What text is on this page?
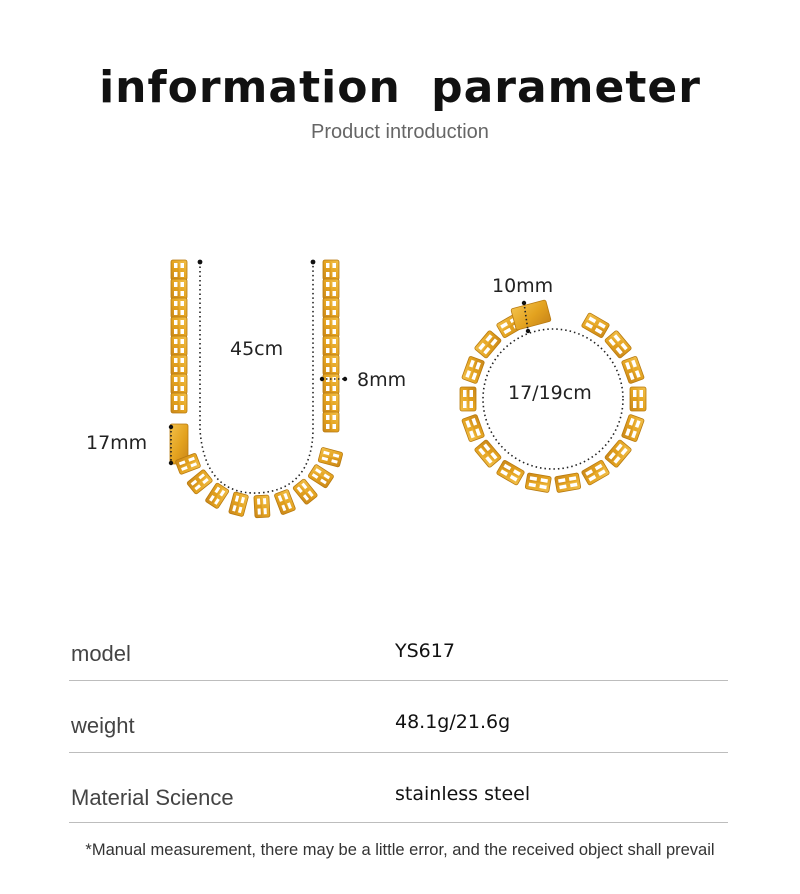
information parameter
Product introduction
45cm
8mm
17mm
10mm
17/19cm
model	YS617
weight	48.1g/21.6g
Material Science	stainless steel
*Manual measurement, there may be a little error, and the received object shall prevail
